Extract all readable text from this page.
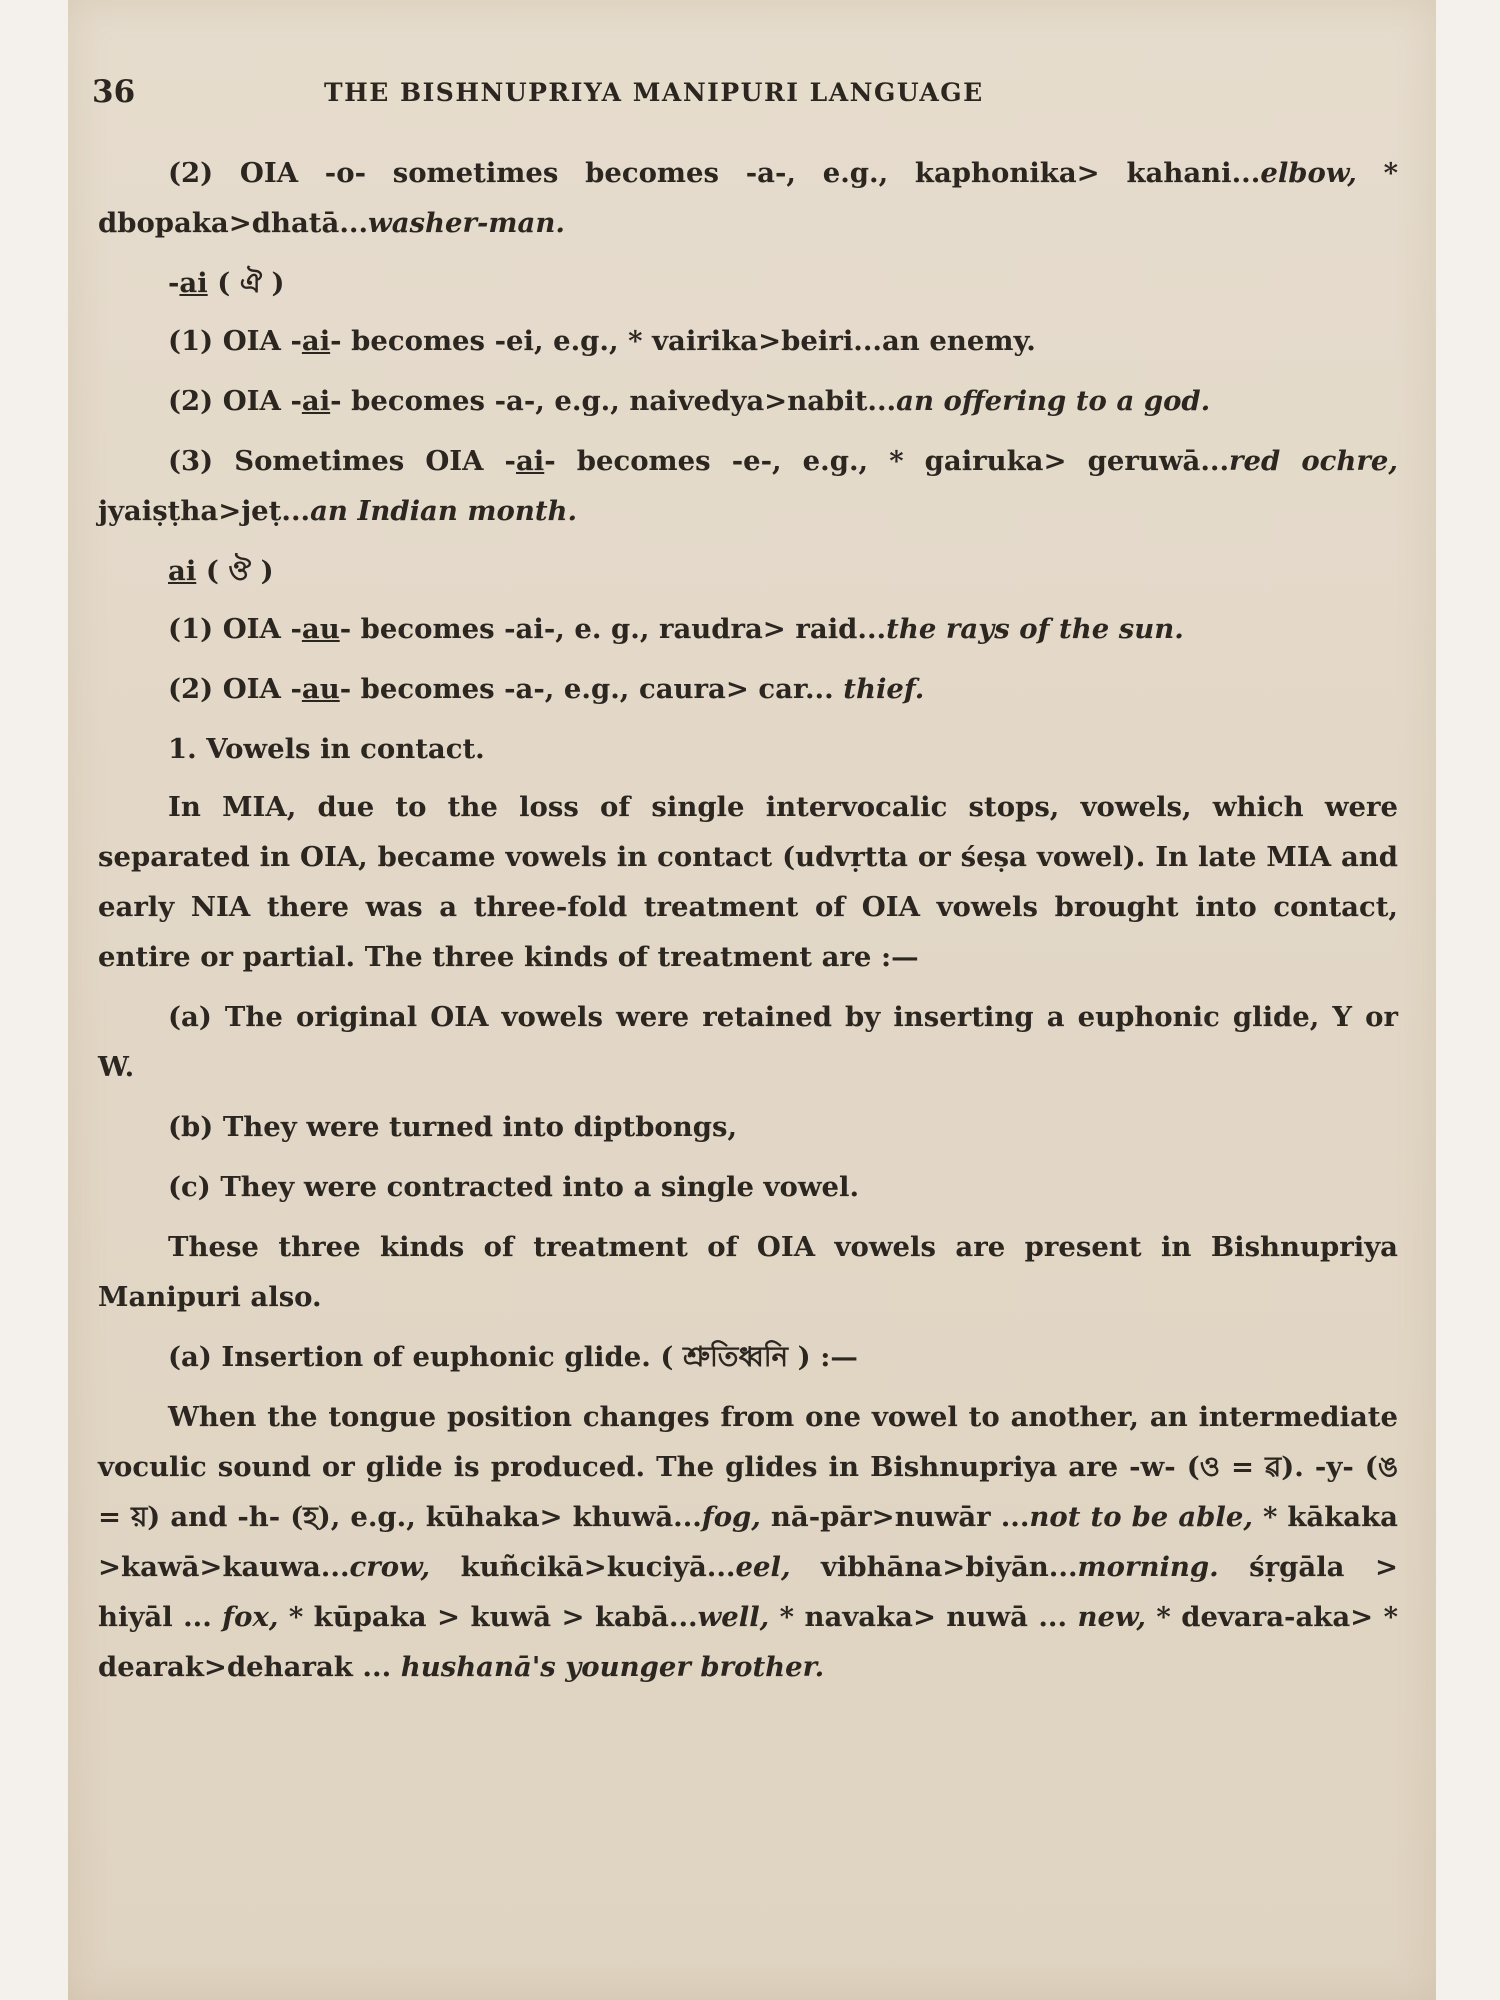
36	THE BISHNUPRIYA MANIPURI LANGUAGE

(2) OIA -o- sometimes becomes -a-, e.g., kaphonika> kahani...elbow, * dbopaka>dhatā...washer-man.

-ai ( ঐ )

(1) OIA -ai- becomes -ei, e.g., * vairika>beiri...an enemy.

(2) OIA -ai- becomes -a-, e.g., naivedya>nabit...an offering to a god.

(3) Sometimes OIA -ai- becomes -e-, e.g., * gairuka> geruwā...red ochre, jyaiṣṭha>jeṭ...an Indian month.

ai ( ঔ )

(1) OIA -au- becomes -ai-, e. g., raudra> raid...the rays of the sun.

(2) OIA -au- becomes -a-, e.g., caura> car... thief.

1. Vowels in contact.

In MIA, due to the loss of single intervocalic stops, vowels, which were separated in OIA, became vowels in contact (udvṛtta or śeṣa vowel). In late MIA and early NIA there was a three-fold treatment of OIA vowels brought into contact, entire or partial. The three kinds of treatment are :—

(a) The original OIA vowels were retained by inserting a euphonic glide, Y or W.

(b) They were turned into diptbongs,

(c) They were contracted into a single vowel.

These three kinds of treatment of OIA vowels are present in Bishnupriya Manipuri also.

(a) Insertion of euphonic glide. ( শ্রুতিধ্বনি ) :—

When the tongue position changes from one vowel to another, an intermediate voculic sound or glide is produced. The glides in Bishnupriya are -w- (ও = ৱ). -y- (ঙ = য়) and -h- (হ), e.g., kūhaka> khuwā...fog, nā-pār>nuwār ...not to be able, * kākaka >kawā>kauwa...crow, kuñcikā>kuciyā...eel, vibhāna>biyān...morning. śṛgāla > hiyāl ... fox, * kūpaka > kuwā > kabā...well, * navaka> nuwā ... new, * devara-aka> * dearak>deharak ... hushanā's younger brother.
